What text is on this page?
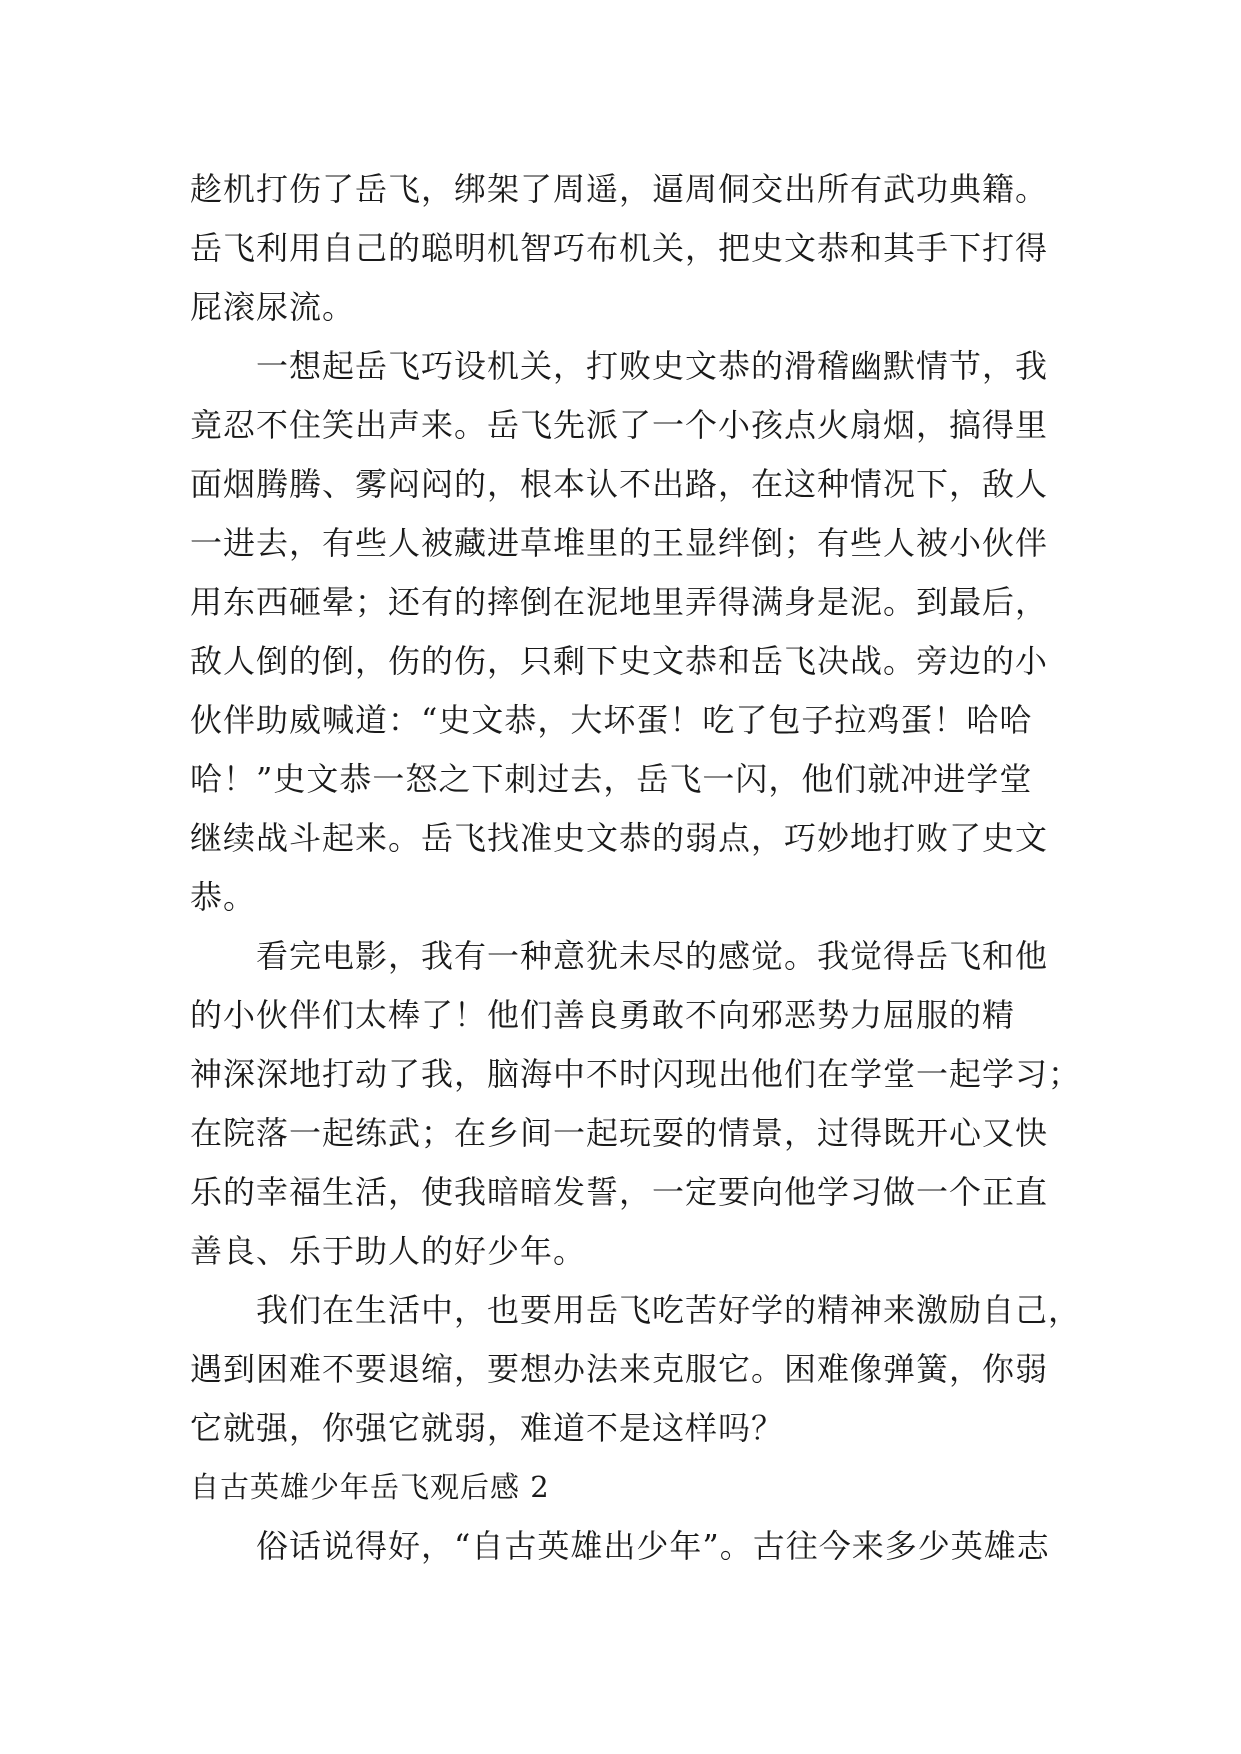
趁机打伤了岳飞，绑架了周遥，逼周侗交出所有武功典籍。
岳飞利用自己的聪明机智巧布机关，把史文恭和其手下打得
屁滚尿流。
一想起岳飞巧设机关，打败史文恭的滑稽幽默情节，我
竟忍不住笑出声来。岳飞先派了一个小孩点火扇烟，搞得里
面烟腾腾、雾闷闷的，根本认不出路，在这种情况下，敌人
一进去，有些人被藏进草堆里的王显绊倒；有些人被小伙伴
用东西砸晕；还有的摔倒在泥地里弄得满身是泥。到最后，
敌人倒的倒，伤的伤，只剩下史文恭和岳飞决战。旁边的小
伙伴助威喊道：“史文恭，大坏蛋！吃了包子拉鸡蛋！哈哈
哈！”史文恭一怒之下刺过去，岳飞一闪，他们就冲进学堂
继续战斗起来。岳飞找准史文恭的弱点，巧妙地打败了史文
恭。
看完电影，我有一种意犹未尽的感觉。我觉得岳飞和他
的小伙伴们太棒了！他们善良勇敢不向邪恶势力屈服的精
神深深地打动了我，脑海中不时闪现出他们在学堂一起学习；
在院落一起练武；在乡间一起玩耍的情景，过得既开心又快
乐的幸福生活，使我暗暗发誓，一定要向他学习做一个正直
善良、乐于助人的好少年。
我们在生活中，也要用岳飞吃苦好学的精神来激励自己，
遇到困难不要退缩，要想办法来克服它。困难像弹簧，你弱
它就强，你强它就弱，难道不是这样吗？
自古英雄少年岳飞观后感 2
俗话说得好，“自古英雄出少年”。古往今来多少英雄志
